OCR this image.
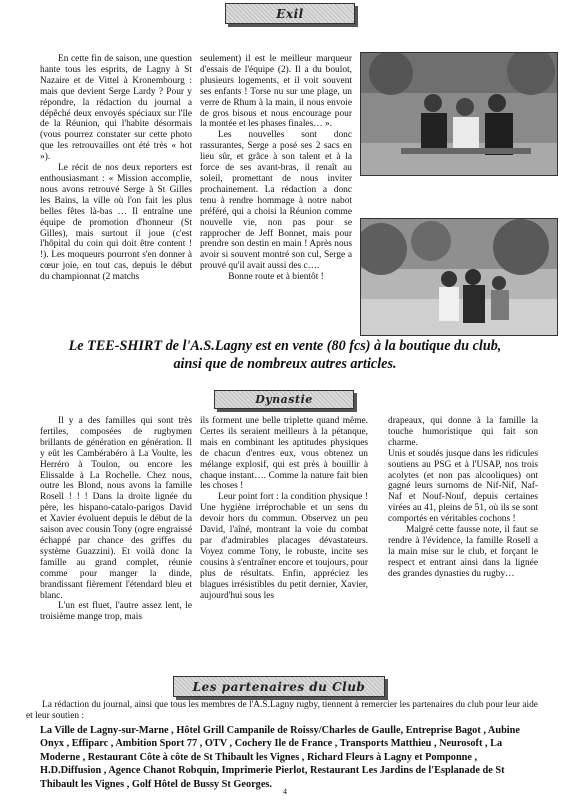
Exil

En cette fin de saison, une question hante tous les esprits, de Lagny à St Nazaire et de Vittel à Kronembourg : mais que devient Serge Lardy ? Pour y répondre, la rédaction du journal a dépêché deux envoyés spéciaux sur l'île de la Réunion, qui l'habite désormais (vous pourrez constater sur cette photo que les retrouvailles ont été très « hot »).

Le récit de nos deux reporters est enthousiasmant : « Mission accomplie, nous avons retrouvé Serge à St Gilles les Bains, la ville où l'on fait les plus belles fêtes là-bas … Il entraîne une équipe de promotion d'honneur (St Gilles), mais surtout il joue (c'est l'hôpital du coin qui doit être content ! !). Les moqueurs pourront s'en donner à cœur joie, en tout cas, depuis le début du championnat (2 matchs

seulement) il est le meilleur marqueur d'essais de l'équipe (2). Il a du boulot, plusieurs logements, et il voit souvent ses enfants ! Torse nu sur une plage, un verre de Rhum à la main, il nous envoie de gros bisous et nous encourage pour la montée et les phases finales… ».

Les nouvelles sont donc rassurantes, Serge a posé ses 2 sacs en lieu sûr, et grâce à son talent et à la force de ses avant-bras, il renaît au soleil, promettant de nous inviter prochainement. La rédaction a donc tenu à rendre hommage à notre nabot préféré, qui a choisi la Réunion comme nouvelle vie, non pas pour se rapprocher de Jeff Bonnet, mais pour prendre son destin en main ! Après nous avoir si souvent montré son cul, Serge a prouvé qu'il avait aussi des c….

Bonne route et à bientôt !

Le TEE-SHIRT de l'A.S.Lagny est en vente (80 fcs) à la boutique du club,
ainsi que de nombreux autres articles.
Dynastie

Il y a des familles qui sont très fertiles, composées de rugbymen brillants de génération en génération. Il y eût les Cambérabéro à La Voulte, les Herréro à Toulon, ou encore les Elissalde à La Rochelle. Chez nous, outre les Blond, nous avons la famille Rosell ! ! ! Dans la droite lignée du père, les hispano-catalo-parigos David et Xavier évoluent depuis le début de la saison avec cousin Tony (ogre engraissé échappé par chance des griffes du système Guazzini). Et voilà donc la famille au grand complet, réunie comme pour manger la dinde, brandissant fièrement l'étendard bleu et blanc.

L'un est fluet, l'autre assez lent, le troisième mange trop, mais

ils forment une belle triplette quand même. Certes ils seraient meilleurs à la pétanque, mais en combinant les aptitudes physiques de chacun d'entres eux, vous obtenez un mélange explosif, qui est près à bouillir à chaque instant…. Comme la nature fait bien les choses !

Leur point fort : la condition physique ! Une hygiène irréprochable et un sens du devoir hors du commun. Observez un peu David, l'aîné, montrant la voie du combat par d'admirables placages dévastateurs. Voyez comme Tony, le robuste, incite ses cousins à s'entraîner encore et toujours, pour plus de résultats. Enfin, appréciez les blagues irrésistibles du petit dernier, Xavier, aujourd'hui sous les

drapeaux, qui donne à la famille la touche humoristique qui fait son charme.

Unis et soudés jusque dans les ridicules soutiens au PSG et à l'USAP, nos trois acolytes (et non pas alcooliques) ont gagné leurs surnoms de Nif-Nif, Naf-Naf et Nouf-Nouf, depuis certaines virées au 41, pleins de 51, où ils se sont comportés en véritables cochons !

Malgré cette fausse note, il faut se rendre à l'évidence, la famille Rosell a la main mise sur le club, et forçant le respect et entrant ainsi dans la lignée des grandes dynasties du rugby…

Les partenaires du Club
La rédaction du journal, ainsi que tous les membres de l'A.S.Lagny rugby, tiennent à remercier les partenaires du club pour leur aide et leur soutien :
La Ville de Lagny-sur-Marne , Hôtel Grill Campanile de Roissy/Charles de Gaulle, Entreprise Bagot , Aubine Onyx , Effiparc , Ambition Sport 77 , OTV , Cochery Ile de France , Transports Matthieu , Neurosoft , La Moderne , Restaurant Côte à côte de St Thibault les Vignes , Richard Fleurs à Lagny et Pomponne , H.D.Diffusion , Agence Chanot Robquin, Imprimerie Pierlot, Restaurant Les Jardins de l'Esplanade de St Thibault les Vignes , Golf Hôtel de Bussy St Georges.
4
